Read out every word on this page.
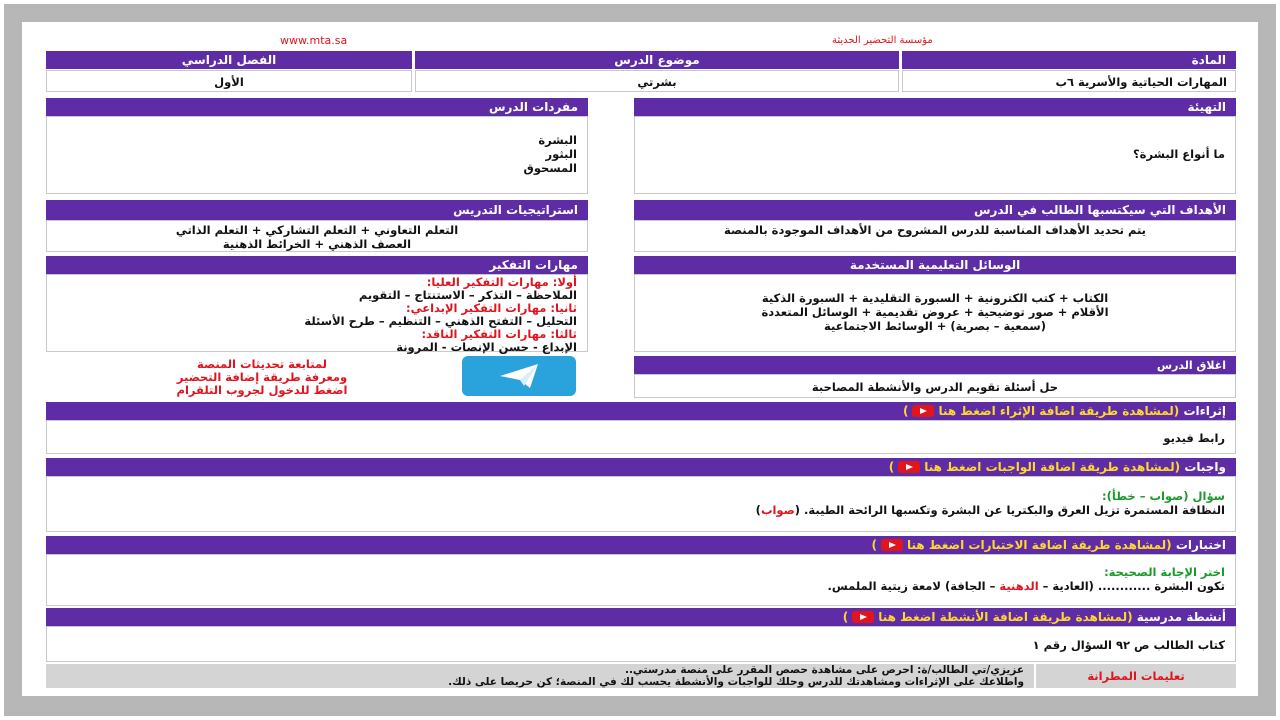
www.mta.sa	مؤسسة التحضير الحديثة
المادة
المهارات الحياتية والأسرية ٦ب
موضوع الدرس
بشرتي
الفصل الدراسي
الأول
التهيئة
ما أنواع البشرة؟
مفردات الدرس
البشرة
البثور
المسحوق
الأهداف التي سيكتسبها الطالب في الدرس
يتم تحديد الأهداف المناسبة للدرس المشروح من الأهداف الموجودة بالمنصة
استراتيجيات التدريس
التعلم التعاوني + التعلم التشاركي + التعلم الذاتي
العصف الذهني + الخرائط الذهنية
الوسائل التعليمية المستخدمة
الكتاب + كتب الكترونية + السبورة التقليدية + السبورة الذكية
الأقلام + صور توضيحية + عروض تقديمية + الوسائل المتعددة
(سمعية – بصرية) + الوسائط الاجتماعية
مهارات التفكير
أولا: مهارات التفكير العليا:
الملاحظة – التذكر – الاستنتاج – التقويم
ثانيا: مهارات التفكير الإبداعي:
التحليل – التفتح الذهني – التنظيم – طرح الأسئلة
ثالثا: مهارات التفكير الناقد:
الإبداع - حسن الإنصات - المرونة
اغلاق الدرس
حل أسئلة تقويم الدرس والأنشطة المصاحبة
لمتابعة تحديثات المنصة
ومعرفة طريقة إضافة التحضير
اضغط للدخول لجروب التلقرام
إثراءات

(لمشاهدة طريقة اضافة الإثراء اضغط هنا
)
رابط فيديو
واجبات

(لمشاهدة طريقة اضافة الواجبات اضغط هنا
)
سؤال (صواب – خطأ):
النظافة المستمرة تزيل العرق والبكتريا عن البشرة وتكسبها الرائحة الطيبة. (صواب)
اختبارات

(لمشاهدة طريقة اضافة الاختبارات اضغط هنا
)
اختر الإجابة الصحيحة:
تكون البشرة ............ (العادية – الدهنية – الجافة) لامعة زيتية الملمس.
أنشطة مدرسية

(لمشاهدة طريقة اضافة الأنشطة اضغط هنا
)
كتاب الطالب ص ٩٢ السؤال رقم ١
تعليمات المطرانة
عزيزي/تي الطالب/ة: احرص على مشاهدة حصص المقرر على منصة مدرستي..
واطلاعك على الإثراءات ومشاهدتك للدرس وحلك للواجبات والأنشطة يحسب لك في المنصة؛ كن حريصا على ذلك.
